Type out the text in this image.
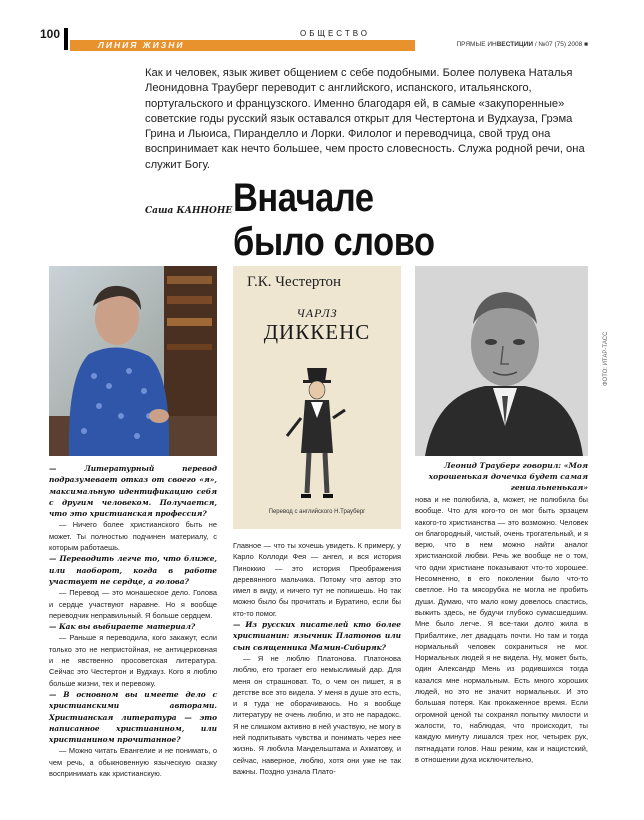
100	ОБЩЕСТВО
ЛИНИЯ ЖИЗНИ	ПРЯМЫЕ ИНВЕСТИЦИИ / №07 (75) 2008 ■
Как и человек, язык живет общением с себе подобными. Более полувека Наталья Леонидовна Трауберг переводит с английского, испанского, итальянского, португальского и французского. Именно благодаря ей, в самые «закупоренные» советские годы русский язык оставался открыт для Честертона и Вудхауза, Грэма Грина и Льюиса, Пиранделло и Лорки. Филолог и переводчица, свой труд она воспринимает как нечто большее, чем просто словесность. Служа родной речи, она служит Богу.
Саша КАННОНЕ Вначале
было слово
Г.К. Честертон
ЧАРЛЗ
ДИККЕНС
Перевод с английского Н.Трауберг
ФОТО: ИТАР-ТАСС
Леонид Трауберг говорил: «Моя хорошенькая дочечка будет самая гениальненькая»

— Литературный перевод подразумевает отказ от своего «я», максимальную идентификацию себя с другим человеком. Получается, что это христианская профессия?

— Ничего более христианского быть не может. Ты полностью подчинен материалу, с которым работаешь.

— Переводить легче то, что ближе, или наоборот, когда в работе участвует не сердце, а голова?

— Перевод — это монашеское дело. Голова и сердце участвуют наравне. Но я вообще переводчик неправильный. Я больше сердцем.

— Как вы выбираете материал?

— Раньше я переводила, кого закажут, если только это не непристойная, не антицерковная и не явственно просоветская литература. Сейчас это Честертон и Вудхауз. Кого я люблю больше жизни, тех и перевожу.

— В основном вы имеете дело с христианскими авторами. Христианская литература — это написанное христианином, или христианином прочитанное?

— Можно читать Евангелие и не понимать, о чем речь, а обыкновенную языческую сказку воспринимать как христианскую.

Главное — что ты хочешь увидеть. К примеру, у Карло Коллоди Фея — ангел, и вся история Пиноккио — это история Преображения деревянного мальчика. Потому что автор это имел в виду, и ничего тут не попишешь. Но так можно было бы прочитать и Буратино, если бы кто-то помог.

— Из русских писателей кто более христианин: язычник Платонов или сын священника Мамин-Сибиряк?

— Я не люблю Платонова. Платонова люблю, его трогает его немыслимый дар. Для меня он страшноват. То, о чем он пишет, я в детстве все это видела. У меня в душе это есть, и я туда не оборачиваюсь. Но я вообще литературу не очень люблю, и это не парадокс. Я не слишком активно в ней участвую, не могу в ней подпитывать чувства и понимать через нее жизнь. Я любила Мандельштама и Ахматову, и сейчас, наверное, люблю, хотя они уже не так важны. Поздно узнала Плато-

нова и не полюбила, а, может, не полюбила бы вообще. Что для кого-то он мог быть эрзацем какого-то христианства — это возможно. Человек он благородный, чистый, очень трогательный, и я верю, что в нем можно найти аналог христианской любви. Речь же вообще не о том, что одни христиане показывают что-то хорошее. Несомненно, в его поколении было что-то светлое. Но та мясорубка не могла не пробить души. Думаю, что мало кому довелось спастись, выжить здесь, не будучи глубоко сумасшедшим. Мне было легче. Я все-таки долго жила в Прибалтике, лет двадцать почти. Но там и тогда нормальный человек сохраниться не мог. Нормальных людей я не видела. Ну, может быть, один Александр Мень из родившихся тогда казался мне нормальным. Есть много хороших людей, но это не значит нормальных. И это большая потеря. Как прокаженное время. Если огромной ценой ты сохранял попытку милости и жалости, то, наблюдая, что происходит, ты каждую минуту лишался трех ног, четырех рук, пятнадцати голов. Наш режим, как и нацистский, в отношении духа исключительно,
